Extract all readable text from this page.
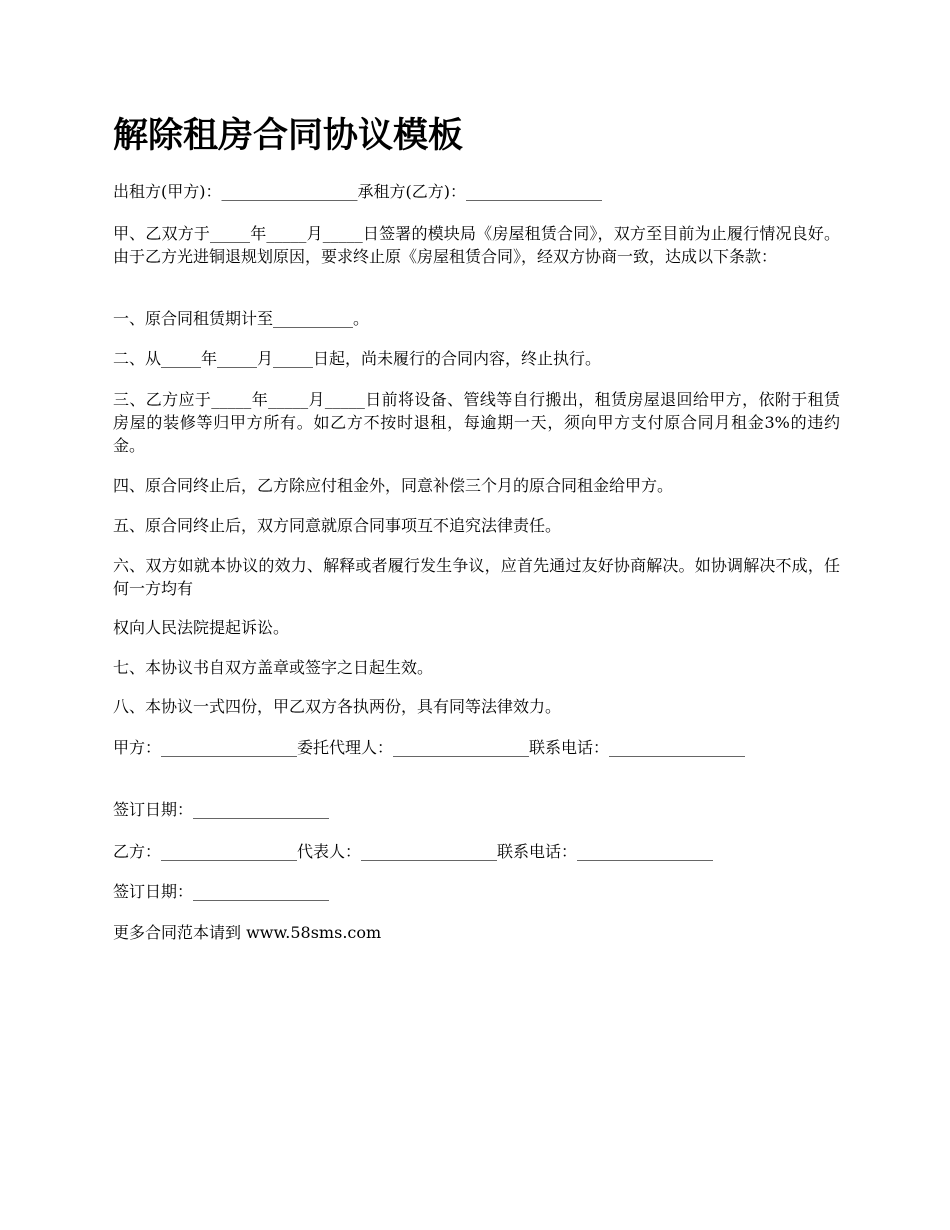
解除租房合同协议模板

出租方(甲方)：_________________承租方(乙方)：_________________

甲、乙双方于_____年_____月_____日签署的模块局《房屋租赁合同》，双方至目前为止履行情况良好。由于乙方光进铜退规划原因，要求终止原《房屋租赁合同》，经双方协商一致，达成以下条款：

一、原合同租赁期计至__________。

二、从_____年_____月_____日起，尚未履行的合同内容，终止执行。

三、乙方应于_____年_____月_____日前将设备、管线等自行搬出，租赁房屋退回给甲方，依附于租赁房屋的装修等归甲方所有。如乙方不按时退租，每逾期一天，须向甲方支付原合同月租金3%的违约金。

四、原合同终止后，乙方除应付租金外，同意补偿三个月的原合同租金给甲方。

五、原合同终止后，双方同意就原合同事项互不追究法律责任。

六、双方如就本协议的效力、解释或者履行发生争议，应首先通过友好协商解决。如协调解决不成，任何一方均有

权向人民法院提起诉讼。

七、本协议书自双方盖章或签字之日起生效。

八、本协议一式四份，甲乙双方各执两份，具有同等法律效力。

甲方：_________________委托代理人：_________________联系电话：_________________

签订日期：_________________

乙方：_________________代表人：_________________联系电话：_________________

签订日期：_________________

更多合同范本请到 www.58sms.com
